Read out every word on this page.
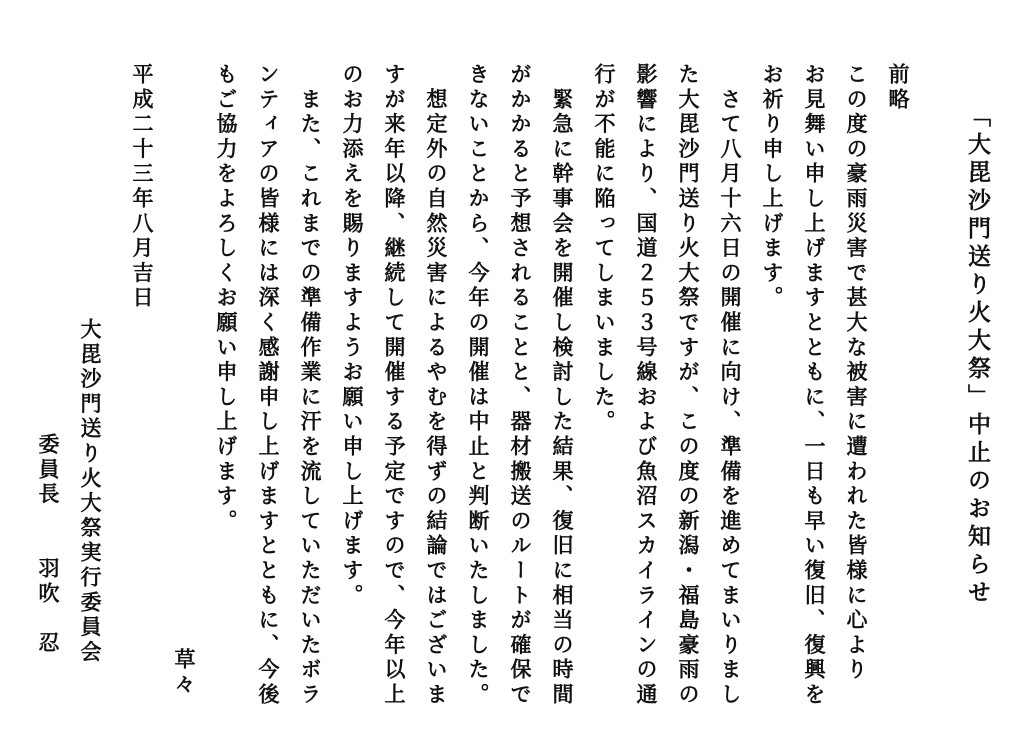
「大毘沙門送り火大祭」中止のお知らせ
前略
この度の豪雨災害で甚大な被害に遭われた皆様に心より
お見舞い申し上げますとともに、一日も早い復旧、復興を
お祈り申し上げます。
　さて八月十六日の開催に向け、準備を進めてまいりまし
た大毘沙門送り火大祭ですが、この度の新潟・福島豪雨の
影響により、国道２５３号線および魚沼スカイラインの通
行が不能に陥ってしまいました。
　緊急に幹事会を開催し検討した結果、復旧に相当の時間
がかかると予想されることと、器材搬送のルートが確保で
きないことから、今年の開催は中止と判断いたしました。
　想定外の自然災害によるやむを得ずの結論ではございま
すが来年以降、継続して開催する予定ですので、今年以上
のお力添えを賜りますようお願い申し上げます。
　また、これまでの準備作業に汗を流していただいたボラ
ンティアの皆様には深く感謝申し上げますとともに、今後
もご協力をよろしくお願い申し上げます。
草々
平成二十三年八月吉日
大毘沙門送り火大祭実行委員会
委員長　　羽吹　忍
